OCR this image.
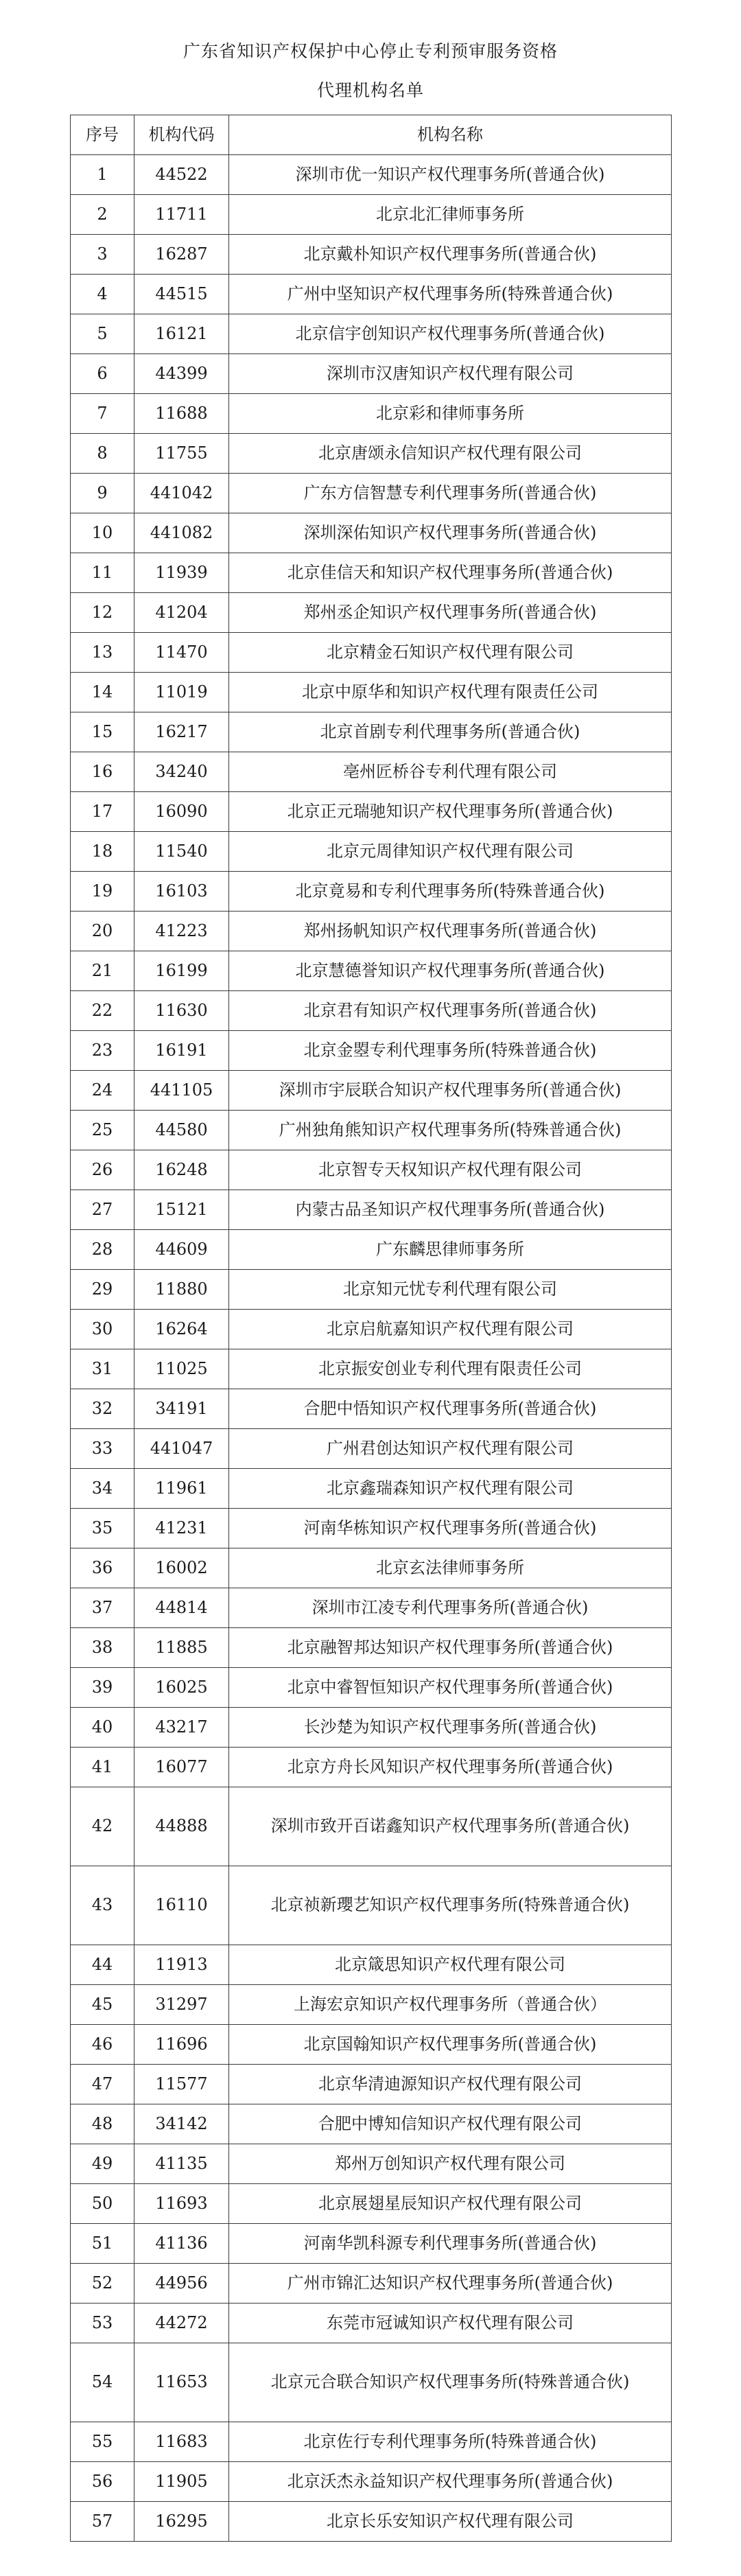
广东省知识产权保护中心停止专利预审服务资格
代理机构名单
序号	机构代码	机构名称
1	44522	深圳市优一知识产权代理事务所(普通合伙)
2	11711	北京北汇律师事务所
3	16287	北京戴朴知识产权代理事务所(普通合伙)
4	44515	广州中坚知识产权代理事务所(特殊普通合伙)
5	16121	北京信宇创知识产权代理事务所(普通合伙)
6	44399	深圳市汉唐知识产权代理有限公司
7	11688	北京彩和律师事务所
8	11755	北京唐颂永信知识产权代理有限公司
9	441042	广东方信智慧专利代理事务所(普通合伙)
10	441082	深圳深佑知识产权代理事务所(普通合伙)
11	11939	北京佳信天和知识产权代理事务所(普通合伙)
12	41204	郑州丞企知识产权代理事务所(普通合伙)
13	11470	北京精金石知识产权代理有限公司
14	11019	北京中原华和知识产权代理有限责任公司
15	16217	北京首剧专利代理事务所(普通合伙)
16	34240	亳州匠桥谷专利代理有限公司
17	16090	北京正元瑞驰知识产权代理事务所(普通合伙)
18	11540	北京元周律知识产权代理有限公司
19	16103	北京竟易和专利代理事务所(特殊普通合伙)
20	41223	郑州扬帆知识产权代理事务所(普通合伙)
21	16199	北京慧德誉知识产权代理事务所(普通合伙)
22	11630	北京君有知识产权代理事务所(普通合伙)
23	16191	北京金曌专利代理事务所(特殊普通合伙)
24	441105	深圳市宇辰联合知识产权代理事务所(普通合伙)
25	44580	广州独角熊知识产权代理事务所(特殊普通合伙)
26	16248	北京智专天权知识产权代理有限公司
27	15121	内蒙古品圣知识产权代理事务所(普通合伙)
28	44609	广东麟思律师事务所
29	11880	北京知元忧专利代理有限公司
30	16264	北京启航嘉知识产权代理有限公司
31	11025	北京振安创业专利代理有限责任公司
32	34191	合肥中悟知识产权代理事务所(普通合伙)
33	441047	广州君创达知识产权代理有限公司
34	11961	北京鑫瑞森知识产权代理有限公司
35	41231	河南华栋知识产权代理事务所(普通合伙)
36	16002	北京玄法律师事务所
37	44814	深圳市江凌专利代理事务所(普通合伙)
38	11885	北京融智邦达知识产权代理事务所(普通合伙)
39	16025	北京中睿智恒知识产权代理事务所(普通合伙)
40	43217	长沙楚为知识产权代理事务所(普通合伙)
41	16077	北京方舟长风知识产权代理事务所(普通合伙)
42	44888	深圳市致开百诺鑫知识产权代理事务所(普通合伙)
43	16110	北京祯新瓔艺知识产权代理事务所(特殊普通合伙)
44	11913	北京箴思知识产权代理有限公司
45	31297	上海宏京知识产权代理事务所（普通合伙）
46	11696	北京国翰知识产权代理事务所(普通合伙)
47	11577	北京华清迪源知识产权代理有限公司
48	34142	合肥中博知信知识产权代理有限公司
49	41135	郑州万创知识产权代理有限公司
50	11693	北京展翅星辰知识产权代理有限公司
51	41136	河南华凯科源专利代理事务所(普通合伙)
52	44956	广州市锦汇达知识产权代理事务所(普通合伙)
53	44272	东莞市冠诚知识产权代理有限公司
54	11653	北京元合联合知识产权代理事务所(特殊普通合伙)
55	11683	北京佐行专利代理事务所(特殊普通合伙)
56	11905	北京沃杰永益知识产权代理事务所(普通合伙)
57	16295	北京长乐安知识产权代理有限公司
